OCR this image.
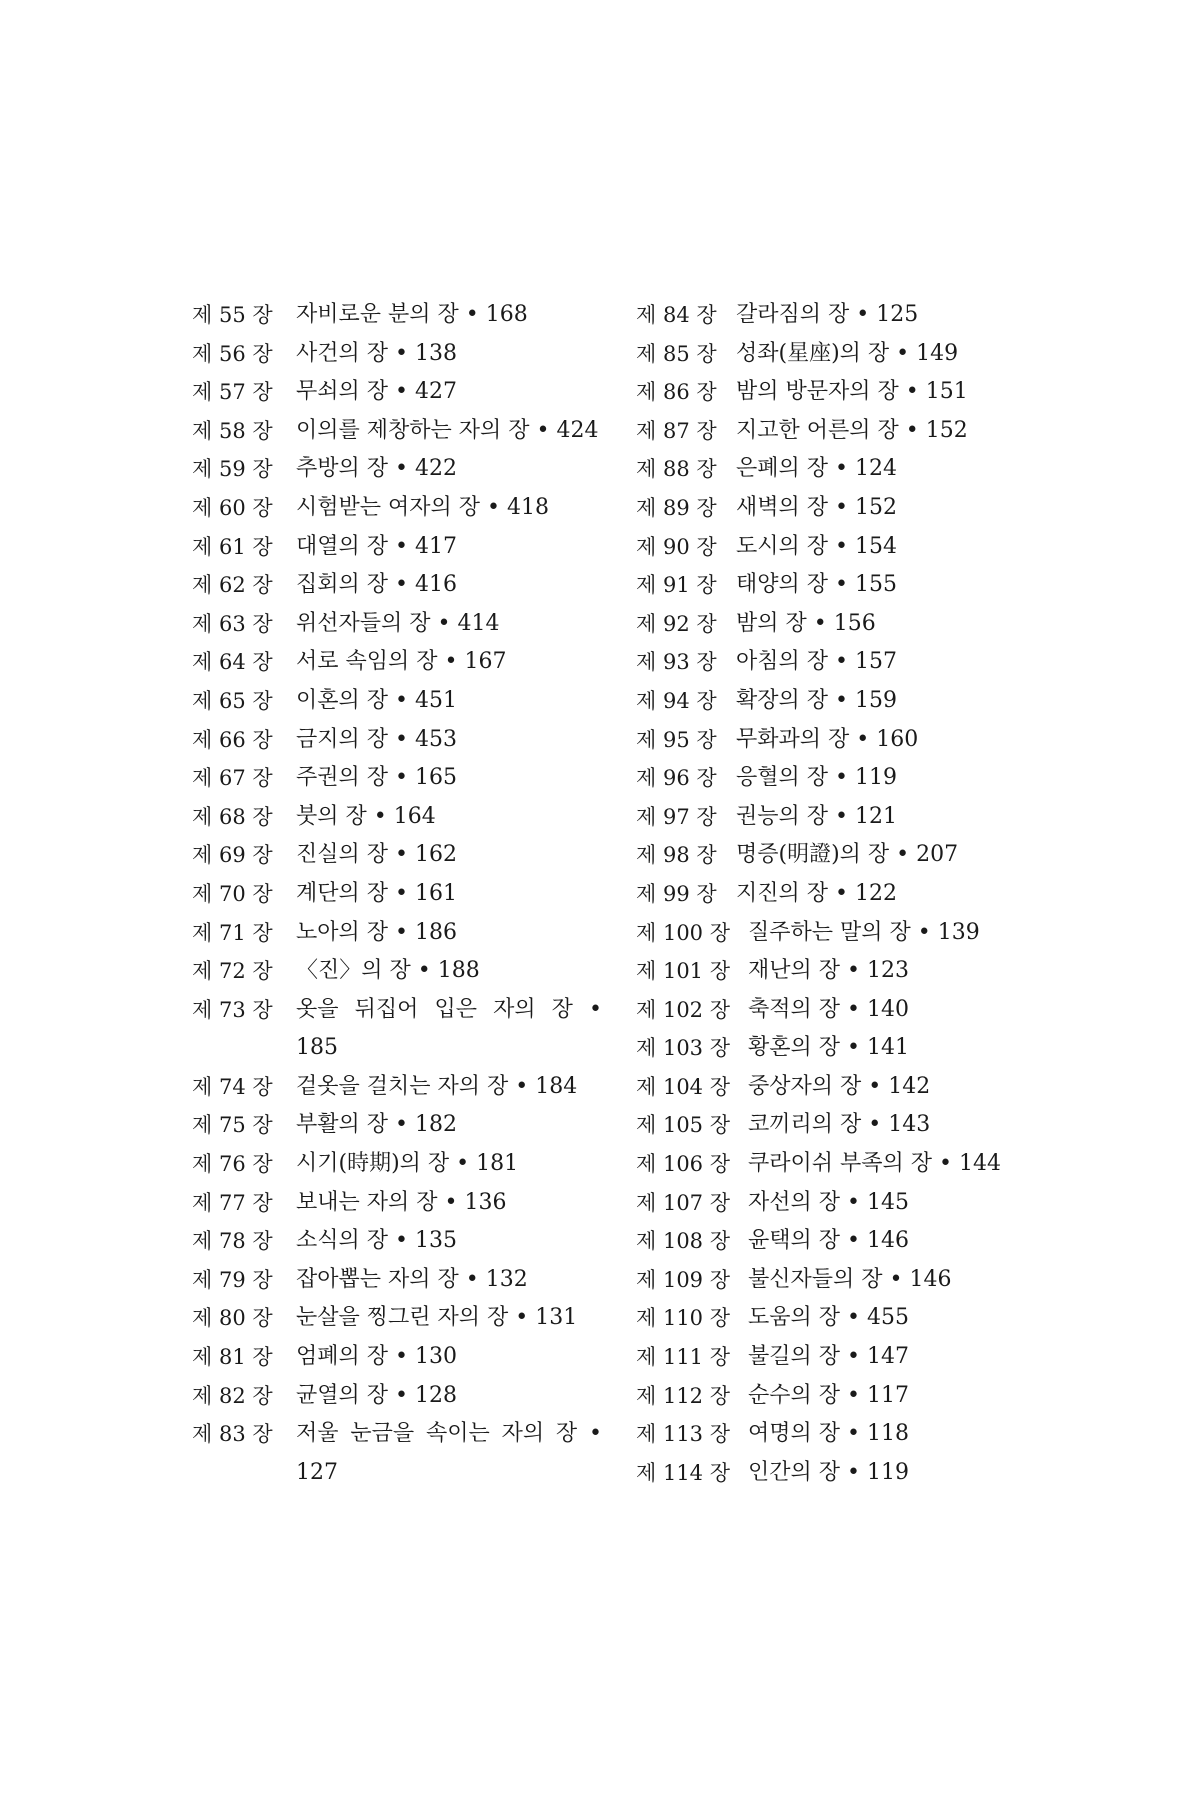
제 55 장	자비로운 분의 장 • 168
제 56 장	사건의 장 • 138
제 57 장	무쇠의 장 • 427
제 58 장	이의를 제창하는 자의 장 • 424
제 59 장	추방의 장 • 422
제 60 장	시험받는 여자의 장 • 418
제 61 장	대열의 장 • 417
제 62 장	집회의 장 • 416
제 63 장	위선자들의 장 • 414
제 64 장	서로 속임의 장 • 167
제 65 장	이혼의 장 • 451
제 66 장	금지의 장 • 453
제 67 장	주권의 장 • 165
제 68 장	붓의 장 • 164
제 69 장	진실의 장 • 162
제 70 장	계단의 장 • 161
제 71 장	노아의 장 • 186
제 72 장	〈진〉의 장 • 188
제 73 장	옷을 뒤집어 입은 자의 장 • 185
제 74 장	겉옷을 걸치는 자의 장 • 184
제 75 장	부활의 장 • 182
제 76 장	시기(時期)의 장 • 181
제 77 장	보내는 자의 장 • 136
제 78 장	소식의 장 • 135
제 79 장	잡아뽑는 자의 장 • 132
제 80 장	눈살을 찡그린 자의 장 • 131
제 81 장	엄폐의 장 • 130
제 82 장	균열의 장 • 128
제 83 장	저울 눈금을 속이는 자의 장 • 127
제 84 장 갈라짐의 장 • 125
제 85 장 성좌(星座)의 장 • 149
제 86 장 밤의 방문자의 장 • 151
제 87 장 지고한 어른의 장 • 152
제 88 장 은폐의 장 • 124
제 89 장 새벽의 장 • 152
제 90 장 도시의 장 • 154
제 91 장 태양의 장 • 155
제 92 장 밤의 장 • 156
제 93 장 아침의 장 • 157
제 94 장 확장의 장 • 159
제 95 장 무화과의 장 • 160
제 96 장 응혈의 장 • 119
제 97 장 권능의 장 • 121
제 98 장 명증(明證)의 장 • 207
제 99 장 지진의 장 • 122
제 100 장 질주하는 말의 장 • 139
제 101 장 재난의 장 • 123
제 102 장 축적의 장 • 140
제 103 장 황혼의 장 • 141
제 104 장 중상자의 장 • 142
제 105 장 코끼리의 장 • 143
제 106 장 쿠라이쉬 부족의 장 • 144
제 107 장 자선의 장 • 145
제 108 장 윤택의 장 • 146
제 109 장 불신자들의 장 • 146
제 110 장 도움의 장 • 455
제 111 장 불길의 장 • 147
제 112 장 순수의 장 • 117
제 113 장 여명의 장 • 118
제 114 장 인간의 장 • 119
